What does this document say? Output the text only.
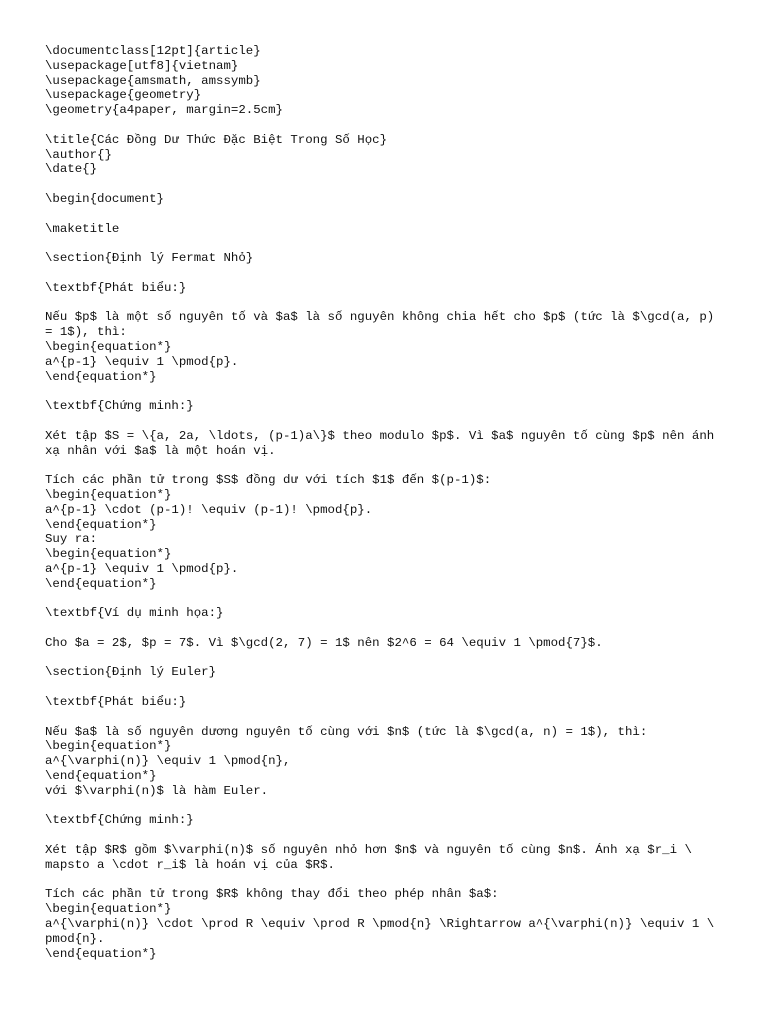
\documentclass[12pt]{article}
\usepackage[utf8]{vietnam}
\usepackage{amsmath, amssymb}
\usepackage{geometry}
\geometry{a4paper, margin=2.5cm}
\title{Các Đồng Dư Thức Đặc Biệt Trong Số Học}
\author{}
\date{}
\begin{document}
\maketitle
\section{Định lý Fermat Nhỏ}
\textbf{Phát biểu:}
Nếu $p$ là một số nguyên tố và $a$ là số nguyên không chia hết cho $p$ (tức là $\gcd(a, p)
= 1$), thì:
\begin{equation*}
a^{p-1} \equiv 1 \pmod{p}.
\end{equation*}
\textbf{Chứng minh:}
Xét tập $S = \{a, 2a, \ldots, (p-1)a\}$ theo modulo $p$. Vì $a$ nguyên tố cùng $p$ nên ánh
xạ nhân với $a$ là một hoán vị.
Tích các phần tử trong $S$ đồng dư với tích $1$ đến $(p-1)$:
\begin{equation*}
a^{p-1} \cdot (p-1)! \equiv (p-1)! \pmod{p}.
\end{equation*}
Suy ra:
\begin{equation*}
a^{p-1} \equiv 1 \pmod{p}.
\end{equation*}
\textbf{Ví dụ minh họa:}
Cho $a = 2$, $p = 7$. Vì $\gcd(2, 7) = 1$ nên $2^6 = 64 \equiv 1 \pmod{7}$.
\section{Định lý Euler}
\textbf{Phát biểu:}
Nếu $a$ là số nguyên dương nguyên tố cùng với $n$ (tức là $\gcd(a, n) = 1$), thì:
\begin{equation*}
a^{\varphi(n)} \equiv 1 \pmod{n},
\end{equation*}
với $\varphi(n)$ là hàm Euler.
\textbf{Chứng minh:}
Xét tập $R$ gồm $\varphi(n)$ số nguyên nhỏ hơn $n$ và nguyên tố cùng $n$. Ánh xạ $r_i \
mapsto a \cdot r_i$ là hoán vị của $R$.
Tích các phần tử trong $R$ không thay đổi theo phép nhân $a$:
\begin{equation*}
a^{\varphi(n)} \cdot \prod R \equiv \prod R \pmod{n} \Rightarrow a^{\varphi(n)} \equiv 1 \
pmod{n}.
\end{equation*}
